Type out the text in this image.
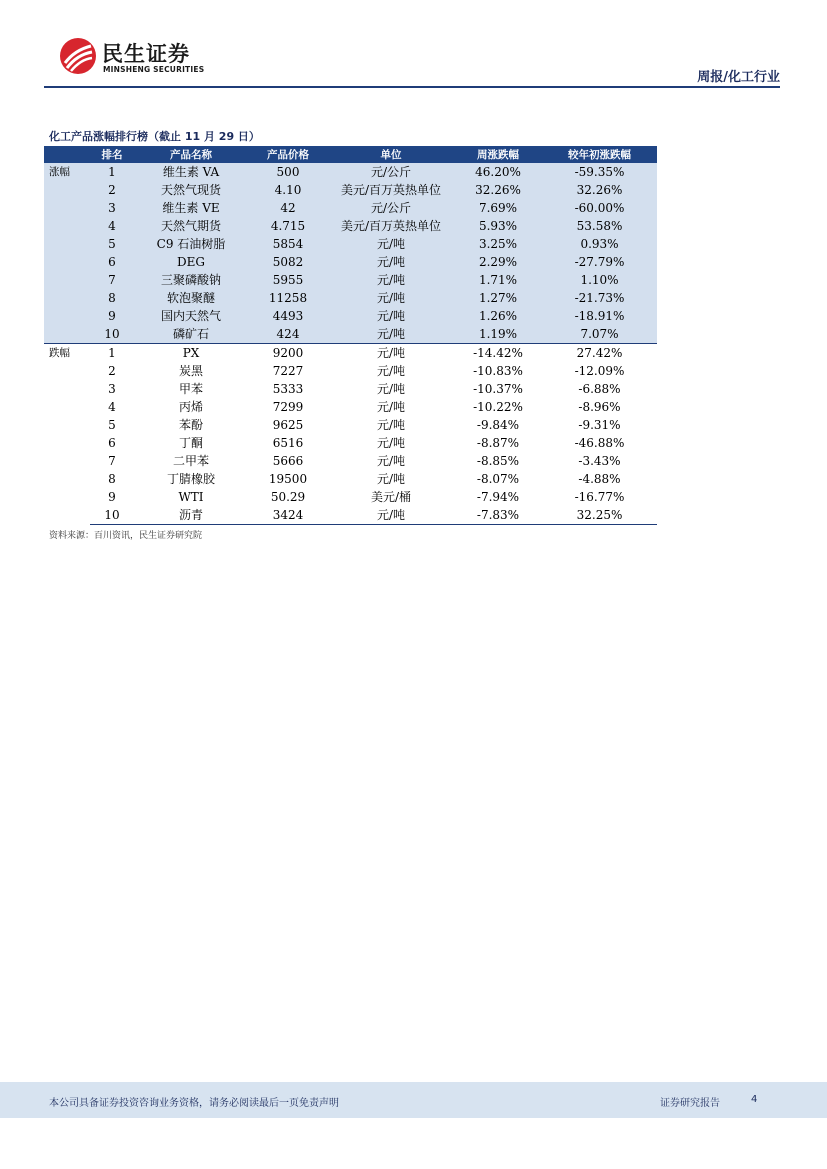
民生证券
MINSHENG SECURITIES
周报/化工行业
化工产品涨幅排行榜（截止 11 月 29 日）
	排名	产品名称	产品价格	单位	周涨跌幅	较年初涨跌幅
涨幅	1	维生素 VA	500	元/公斤	46.20%	-59.35%
	2	天然气现货	4.10	美元/百万英热单位	32.26%	32.26%
	3	维生素 VE	42	元/公斤	7.69%	-60.00%
	4	天然气期货	4.715	美元/百万英热单位	5.93%	53.58%
	5	C9 石油树脂	5854	元/吨	3.25%	0.93%
	6	DEG	5082	元/吨	2.29%	-27.79%
	7	三聚磷酸钠	5955	元/吨	1.71%	1.10%
	8	软泡聚醚	11258	元/吨	1.27%	-21.73%
	9	国内天然气	4493	元/吨	1.26%	-18.91%
	10	磷矿石	424	元/吨	1.19%	7.07%
跌幅	1	PX	9200	元/吨	-14.42%	27.42%
	2	炭黑	7227	元/吨	-10.83%	-12.09%
	3	甲苯	5333	元/吨	-10.37%	-6.88%
	4	丙烯	7299	元/吨	-10.22%	-8.96%
	5	苯酚	9625	元/吨	-9.84%	-9.31%
	6	丁酮	6516	元/吨	-8.87%	-46.88%
	7	二甲苯	5666	元/吨	-8.85%	-3.43%
	8	丁腈橡胶	19500	元/吨	-8.07%	-4.88%
	9	WTI	50.29	美元/桶	-7.94%	-16.77%
	10	沥青	3424	元/吨	-7.83%	32.25%
资料来源：百川资讯，民生证券研究院
本公司具备证券投资咨询业务资格，请务必阅读最后一页免责声明	证券研究报告	4
